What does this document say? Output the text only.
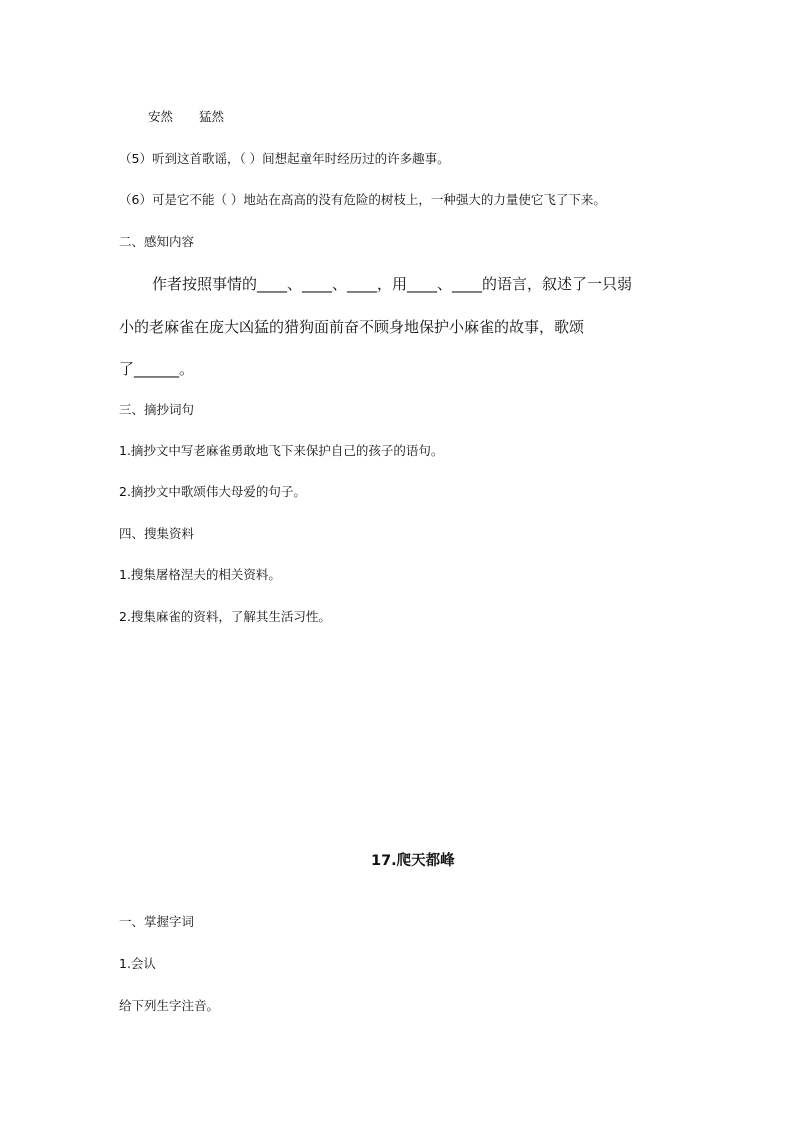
安然 猛然
（5）听到这首歌谣，（ ）间想起童年时经历过的许多趣事。
（6）可是它不能（ ）地站在高高的没有危险的树枝上，一种强大的力量使它飞了下来。
二、感知内容
作者按照事情的____、____、____，用____、____的语言，叙述了一只弱
小的老麻雀在庞大凶猛的猎狗面前奋不顾身地保护小麻雀的故事，歌颂
了______。
三、摘抄词句
1.摘抄文中写老麻雀勇敢地飞下来保护自己的孩子的语句。
2.摘抄文中歌颂伟大母爱的句子。
四、搜集资料
1.搜集屠格涅夫的相关资料。
2.搜集麻雀的资料，了解其生活习性。
17.爬天都峰
一、掌握字词
1.会认
给下列生字注音。
